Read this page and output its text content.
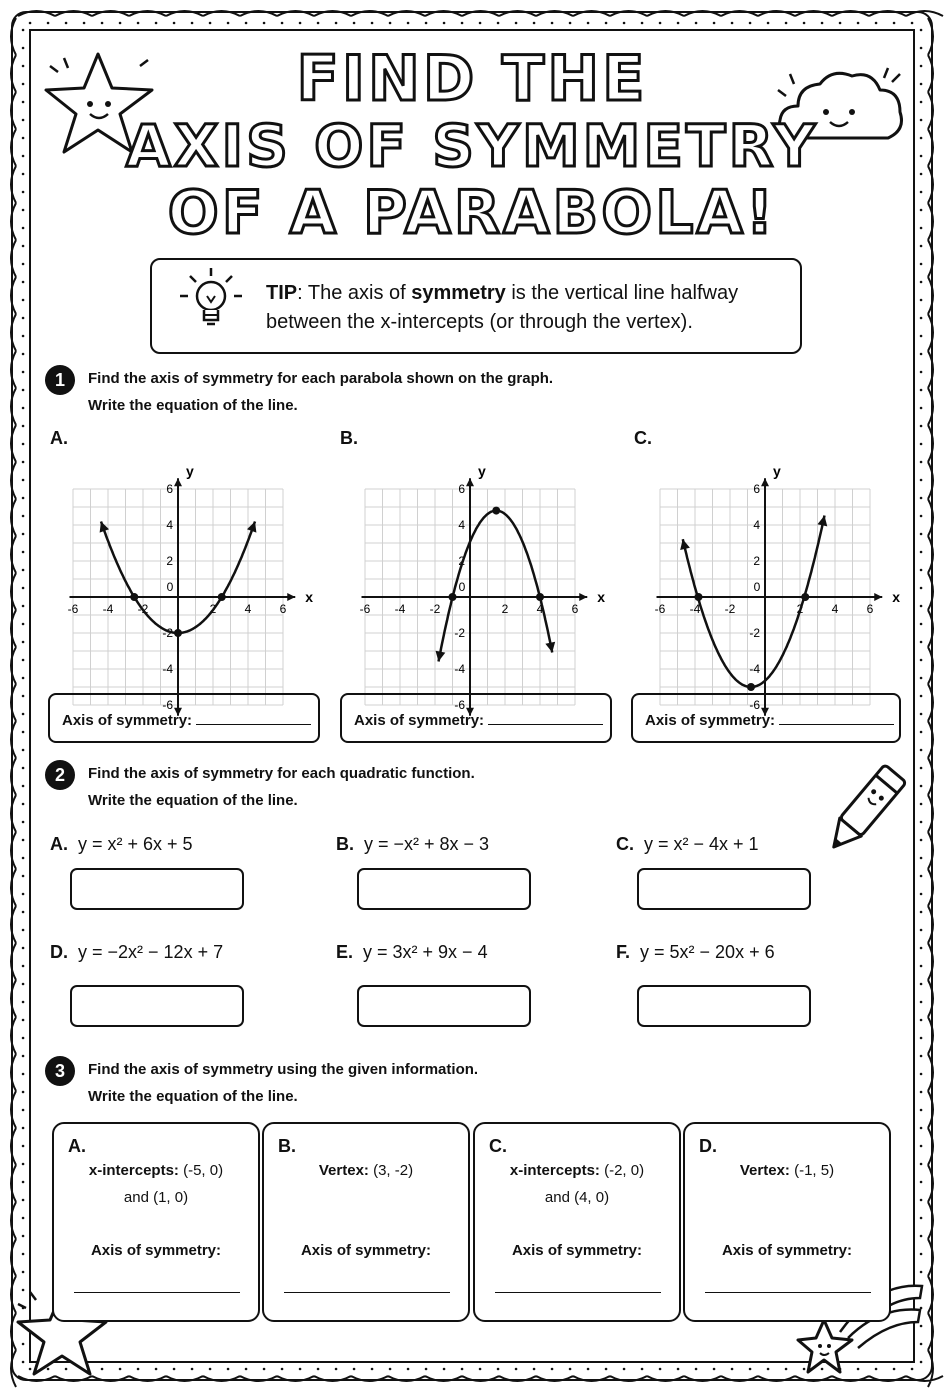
FIND THE
AXIS OF SYMMETRY
OF A PARABOLA!
TIP: The axis of symmetry is the vertical line halfway between the x-intercepts (or through the vertex).
1	Find the axis of symmetry for each parabola shown on the graph.
Write the equation of the line.
A.	B.	C.
-6 -4 -2
0
2 4 6
6
4
2
-2
-4
-6
x
y
-6 -4 -2
0
2 4 6
6
4
2
-2
-4
-6
x
y
-6 -4 -2
0
2 4 6
6
4
2
-2
-4
-6
x
y
Axis of symmetry:	Axis of symmetry:	Axis of symmetry:
2	Find the axis of symmetry for each quadratic function.
Write the equation of the line.
A. y = x² + 6x + 5	B. y = −x² + 8x − 3	C. y = x² − 4x + 1
D. y = −2x² − 12x + 7	E. y = 3x² + 9x − 4	F. y = 5x² − 20x + 6
3	Find the axis of symmetry using the given information.
Write the equation of the line.
A.
x-intercepts: (-5, 0)
and (1, 0)
Axis of symmetry:
B.
Vertex: (3, -2)
Axis of symmetry:
C.
x-intercepts: (-2, 0)
and (4, 0)
Axis of symmetry:
D.
Vertex: (-1, 5)
Axis of symmetry:
